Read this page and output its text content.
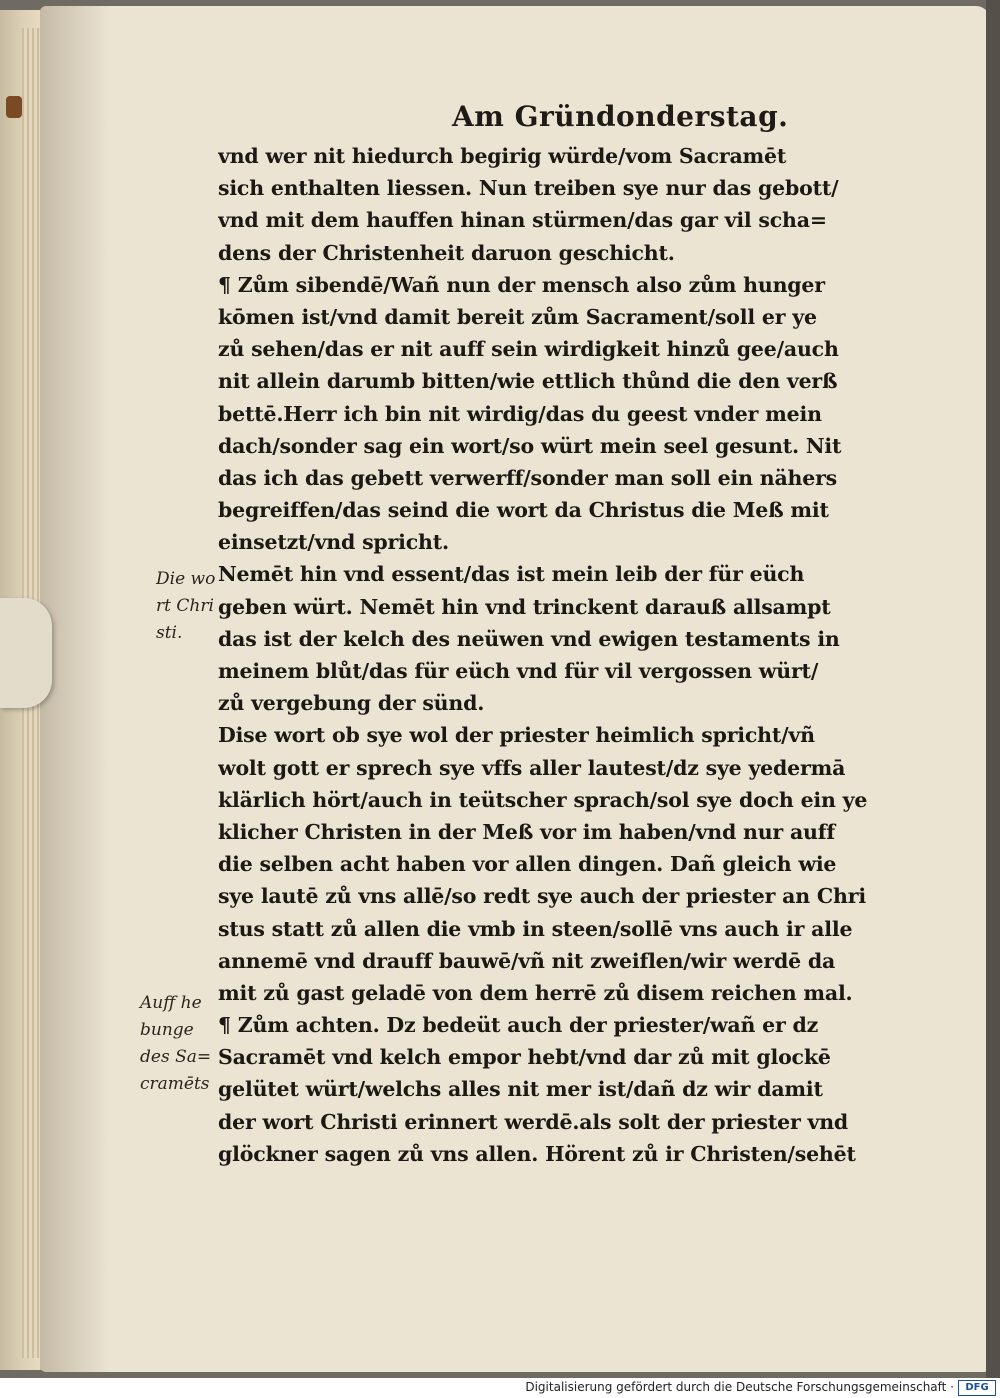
Am Gründonderstag.
vnd wer nit hiedurch begirig würde/vom Sacramēt
sich enthalten liessen. Nun treiben sye nur das gebott/
vnd mit dem hauffen hinan stürmen/das gar vil scha=
dens der Christenheit daruon geschicht.
¶ Zům sibendē/Wañ nun der mensch also zům hunger
kōmen ist/vnd damit bereit zům Sacrament/soll er ye
zů sehen/das er nit auff sein wirdigkeit hinzů gee/auch
nit allein darumb bitten/wie ettlich thůnd die den verß
bettē.Herr ich bin nit wirdig/das du geest vnder mein
dach/sonder sag ein wort/so würt mein seel gesunt. Nit
das ich das gebett verwerff/sonder man soll ein nähers
begreiffen/das seind die wort da Christus die Meß mit
einsetzt/vnd spricht.
Nemēt hin vnd essent/das ist mein leib der für eüch
geben würt. Nemēt hin vnd trinckent darauß allsampt
das ist der kelch des neüwen vnd ewigen testaments in
meinem blůt/das für eüch vnd für vil vergossen würt/
zů vergebung der sünd.
Dise wort ob sye wol der priester heimlich spricht/vñ
wolt gott er sprech sye vffs aller lautest/dz sye yedermā
klärlich hört/auch in teütscher sprach/sol sye doch ein ye
klicher Christen in der Meß vor im haben/vnd nur auff
die selben acht haben vor allen dingen. Dañ gleich wie
sye lautē zů vns allē/so redt sye auch der priester an Chri
stus statt zů allen die vmb in steen/sollē vns auch ir alle
annemē vnd drauff bauwē/vñ nit zweiflen/wir werdē da
mit zů gast geladē von dem herrē zů disem reichen mal.
¶ Zům achten. Dz bedeüt auch der priester/wañ er dz
Sacramēt vnd kelch empor hebt/vnd dar zů mit glockē
gelütet würt/welchs alles nit mer ist/dañ dz wir damit
der wort Christi erinnert werdē.als solt der priester vnd
glöckner sagen zů vns allen. Hörent zů ir Christen/sehēt
Die wo
rt Chri
sti.
Auff he
bunge
des Sa=
cramēts
Digitalisierung gefördert durch die Deutsche Forschungsgemeinschaft ·	DFG
